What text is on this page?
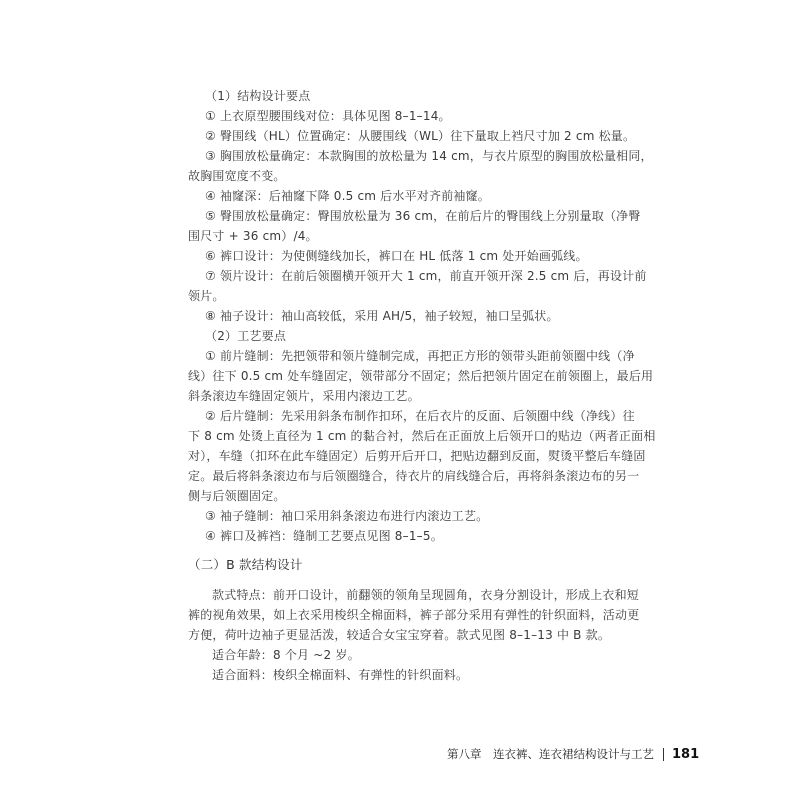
（1）结构设计要点
① 上衣原型腰围线对位：具体见图 8–1–14。
② 臀围线（HL）位置确定：从腰围线（WL）往下量取上裆尺寸加 2 cm 松量。
③ 胸围放松量确定：本款胸围的放松量为 14 cm，与衣片原型的胸围放松量相同，
故胸围宽度不变。
④ 袖窿深：后袖窿下降 0.5 cm 后水平对齐前袖窿。
⑤ 臀围放松量确定：臀围放松量为 36 cm，在前后片的臀围线上分别量取（净臀
围尺寸 + 36 cm）/4。
⑥ 裤口设计：为使侧缝线加长，裤口在 HL 低落 1 cm 处开始画弧线。
⑦ 领片设计：在前后领圈横开领开大 1 cm，前直开领开深 2.5 cm 后，再设计前
领片。
⑧ 袖子设计：袖山高较低，采用 AH/5，袖子较短，袖口呈弧状。
（2）工艺要点
① 前片缝制：先把领带和领片缝制完成，再把正方形的领带头距前领圈中线（净
线）往下 0.5 cm 处车缝固定，领带部分不固定；然后把领片固定在前领圈上，最后用
斜条滚边车缝固定领片，采用内滚边工艺。
② 后片缝制：先采用斜条布制作扣环，在后衣片的反面、后领圈中线（净线）往
下 8 cm 处烫上直径为 1 cm 的黏合衬，然后在正面放上后领开口的贴边（两者正面相
对），车缝（扣环在此车缝固定）后剪开后开口，把贴边翻到反面，熨烫平整后车缝固
定。最后将斜条滚边布与后领圈缝合，待衣片的肩线缝合后，再将斜条滚边布的另一
侧与后领圈固定。
③ 袖子缝制：袖口采用斜条滚边布进行内滚边工艺。
④ 裤口及裤裆：缝制工艺要点见图 8–1–5。
（二）B 款结构设计
款式特点：前开口设计，前翻领的领角呈现圆角，衣身分割设计，形成上衣和短
裤的视角效果，如上衣采用梭织全棉面料，裤子部分采用有弹性的针织面料，活动更
方便，荷叶边袖子更显活泼，较适合女宝宝穿着。款式见图 8–1–13 中 B 款。
适合年龄：8 个月 ~2 岁。
适合面料：梭织全棉面料、有弹性的针织面料。
第八章　连衣裤、连衣裙结构设计与工艺 181
